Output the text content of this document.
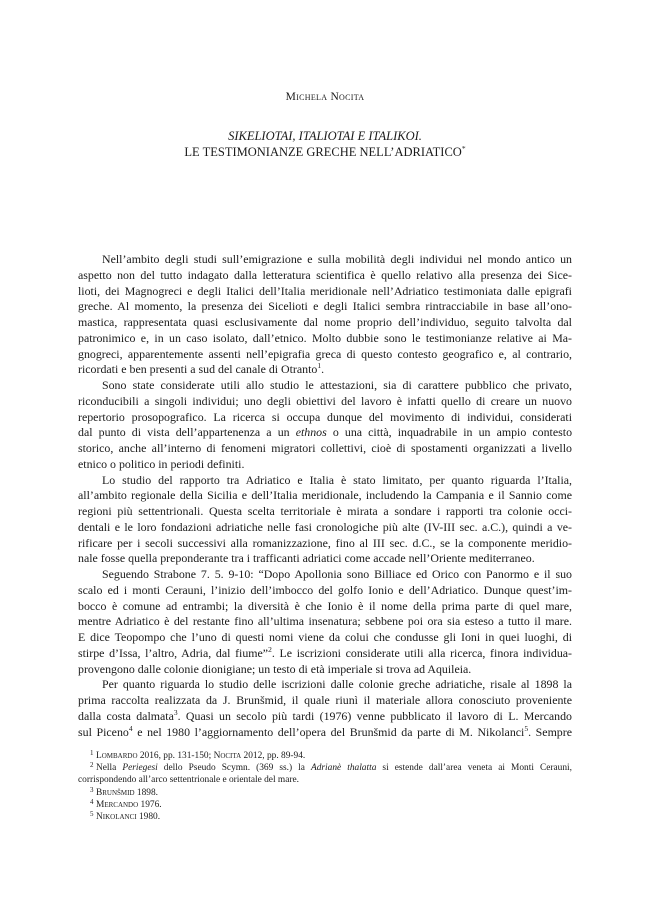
Michela Nocita
SIKELIOTAI, ITALIOTAI E ITALIKOI.
LE TESTIMONIANZE GRECHE NELL’ADRIATICO*

Nell’ambito degli studi sull’emigrazione e sulla mobilità degli individui nel mondo antico un
aspetto non del tutto indagato dalla letteratura scientifica è quello relativo alla presenza dei Sice-
lioti, dei Magnogreci e degli Italici dell’Italia meridionale nell’Adriatico testimoniata dalle epigrafi
greche. Al momento, la presenza dei Sicelioti e degli Italici sembra rintracciabile in base all’ono-
mastica, rappresentata quasi esclusivamente dal nome proprio dell’individuo, seguito talvolta dal
patronimico e, in un caso isolato, dall’etnico. Molto dubbie sono le testimonianze relative ai Ma-
gnogreci, apparentemente assenti nell’epigrafia greca di questo contesto geografico e, al contrario,
ricordati e ben presenti a sud del canale di Otranto$^1$.

Sono state considerate utili allo studio le attestazioni, sia di carattere pubblico che privato,
riconducibili a singoli individui; uno degli obiettivi del lavoro è infatti quello di creare un nuovo
repertorio prosopografico. La ricerca si occupa dunque del movimento di individui, considerati
dal punto di vista dell’appartenenza a un ethnos o una città, inquadrabile in un ampio contesto
storico, anche all’interno di fenomeni migratori collettivi, cioè di spostamenti organizzati a livello
etnico o politico in periodi definiti.

Lo studio del rapporto tra Adriatico e Italia è stato limitato, per quanto riguarda l’Italia,
all’ambito regionale della Sicilia e dell’Italia meridionale, includendo la Campania e il Sannio come
regioni più settentrionali. Questa scelta territoriale è mirata a sondare i rapporti tra colonie occi-
dentali e le loro fondazioni adriatiche nelle fasi cronologiche più alte (IV-III sec. a.C.), quindi a ve-
rificare per i secoli successivi alla romanizzazione, fino al III sec. d.C., se la componente meridio-
nale fosse quella preponderante tra i trafficanti adriatici come accade nell’Oriente mediterraneo.

Seguendo Strabone 7. 5. 9-10: “Dopo Apollonia sono Billiace ed Orico con Panormo e il suo
scalo ed i monti Cerauni, l’inizio dell’imbocco del golfo Ionio e dell’Adriatico. Dunque quest’im-
bocco è comune ad entrambi; la diversità è che Ionio è il nome della prima parte di quel mare,
mentre Adriatico è del restante fino all’ultima insenatura; sebbene poi ora sia esteso a tutto il mare.
E dice Teopompo che l’uno di questi nomi viene da colui che condusse gli Ioni in quei luoghi, di
stirpe d’Issa, l’altro, Adria, dal fiume”$^2$. Le iscrizioni considerate utili alla ricerca, finora individua-
provengono dalle colonie dionigiane; un testo di età imperiale si trova ad Aquileia.

Per quanto riguarda lo studio delle iscrizioni dalle colonie greche adriatiche, risale al 1898 la
prima raccolta realizzata da J. Brunšmid, il quale riunì il materiale allora conosciuto proveniente
dalla costa dalmata$^3$. Quasi un secolo più tardi (1976) venne pubblicato il lavoro di L. Mercando
sul Piceno$^4$ e nel 1980 l’aggiornamento dell’opera del Brunšmid da parte di M. Nikolanci$^5$. Sempre

1 Lombardo 2016, pp. 131-150; Nocita 2012, pp. 89-94.
2 Nella Periegesi dello Pseudo Scymn. (369 ss.) la Adrianè thalatta si estende dall’area veneta ai Monti Cerauni,
corrispondendo all’arco settentrionale e orientale del mare.
3 Brunšmid 1898.
4 Mercando 1976.
5 Nikolanci 1980.
